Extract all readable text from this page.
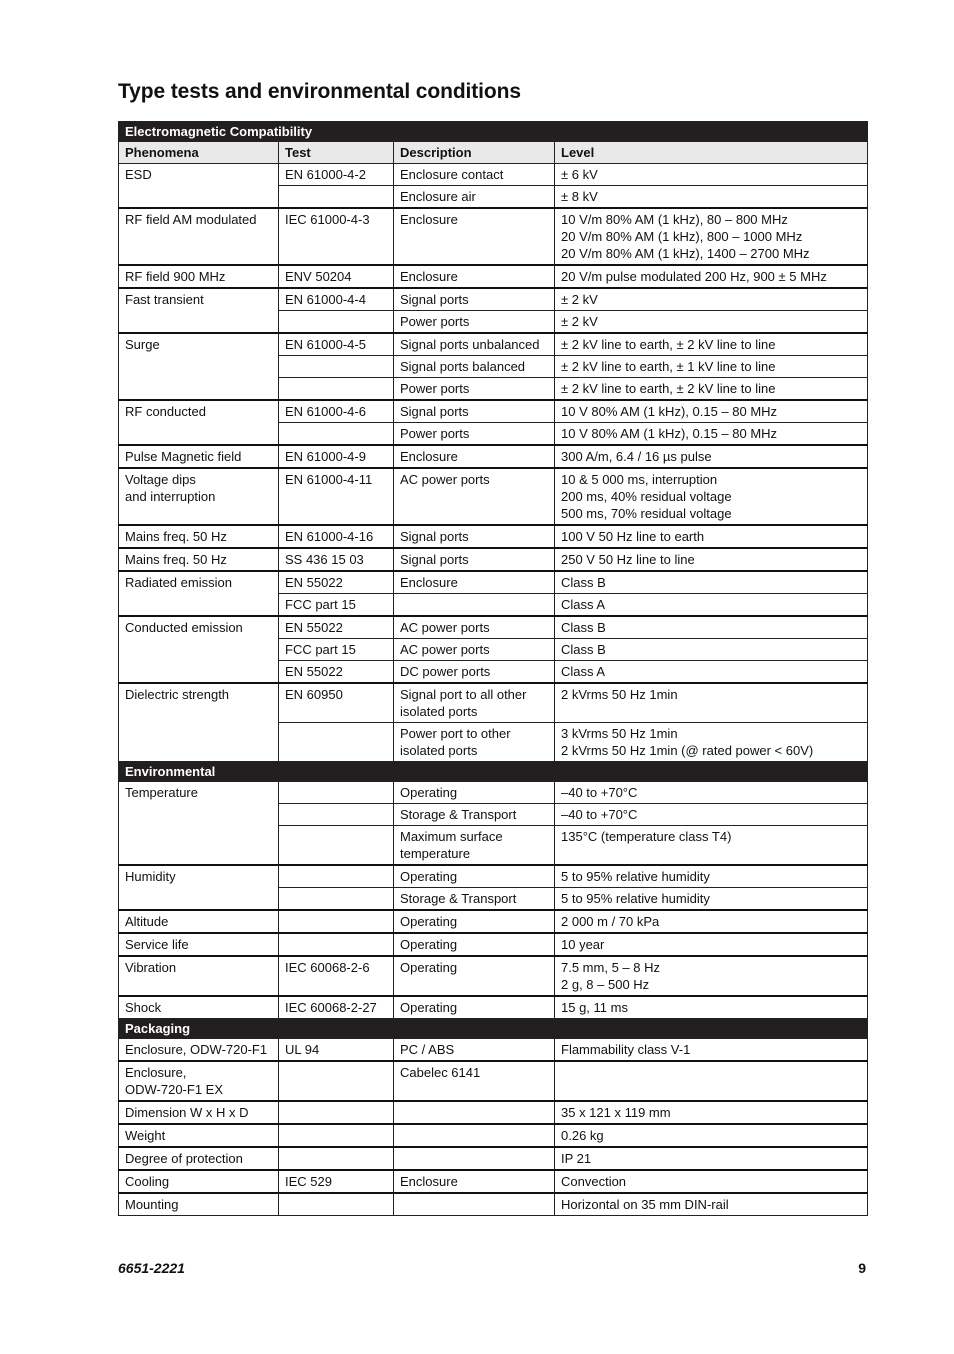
Type tests and environmental conditions
Electromagnetic Compatibility			
Phenomena	Test	Description	Level
ESD	EN 61000-4-2	Enclosure contact	± 6 kV
		Enclosure air	± 8 kV
RF field AM modulated	IEC 61000-4-3	Enclosure	10 V/m 80% AM (1 kHz), 80 – 800 MHz
20 V/m 80% AM (1 kHz), 800 – 1000 MHz
20 V/m 80% AM (1 kHz), 1400 – 2700 MHz
RF field 900 MHz	ENV 50204	Enclosure	20 V/m pulse modulated 200 Hz, 900 ± 5 MHz
Fast transient	EN 61000-4-4	Signal ports	± 2 kV
		Power ports	± 2 kV
Surge	EN 61000-4-5	Signal ports unbalanced	± 2 kV line to earth, ± 2 kV line to line
		Signal ports balanced	± 2 kV line to earth, ± 1 kV line to line
		Power ports	± 2 kV line to earth, ± 2 kV line to line
RF conducted	EN 61000-4-6	Signal ports	10 V 80% AM (1 kHz), 0.15 – 80 MHz
		Power ports	10 V 80% AM (1 kHz), 0.15 – 80 MHz
Pulse Magnetic field	EN 61000-4-9	Enclosure	300 A/m, 6.4 / 16 µs pulse
Voltage dips
and interruption	EN 61000-4-11	AC power ports	10 & 5 000 ms, interruption
200 ms, 40% residual voltage
500 ms, 70% residual voltage
Mains freq. 50 Hz	EN 61000-4-16	Signal ports	100 V 50 Hz line to earth
Mains freq. 50 Hz	SS 436 15 03	Signal ports	250 V 50 Hz line to line
Radiated emission	EN 55022	Enclosure	Class B
	FCC part 15		Class A
Conducted emission	EN 55022	AC power ports	Class B
	FCC part 15	AC power ports	Class B
	EN 55022	DC power ports	Class A
Dielectric strength	EN 60950	Signal port to all other
isolated ports	2 kVrms 50 Hz 1min
		Power port to other
isolated ports	3 kVrms 50 Hz 1min
2 kVrms 50 Hz 1min (@ rated power < 60V)
Environmental			
Temperature		Operating	–40 to +70°C
		Storage & Transport	–40 to +70°C
		Maximum surface
temperature	135°C (temperature class T4)
Humidity		Operating	5 to 95% relative humidity
		Storage & Transport	5 to 95% relative humidity
Altitude		Operating	2 000 m / 70 kPa
Service life		Operating	10 year
Vibration	IEC 60068-2-6	Operating	7.5 mm, 5 – 8 Hz
2 g, 8 – 500 Hz
Shock	IEC 60068-2-27	Operating	15 g, 11 ms
Packaging			
Enclosure, ODW-720-F1	UL 94	PC / ABS	Flammability class V-1
Enclosure,
ODW-720-F1 EX		Cabelec 6141	

Dimension W x H x D			35 x 121 x 119 mm
Weight			0.26 kg
Degree of protection			IP 21
Cooling	IEC 529	Enclosure	Convection
Mounting			Horizontal on 35 mm DIN-rail
6651-2221	9
